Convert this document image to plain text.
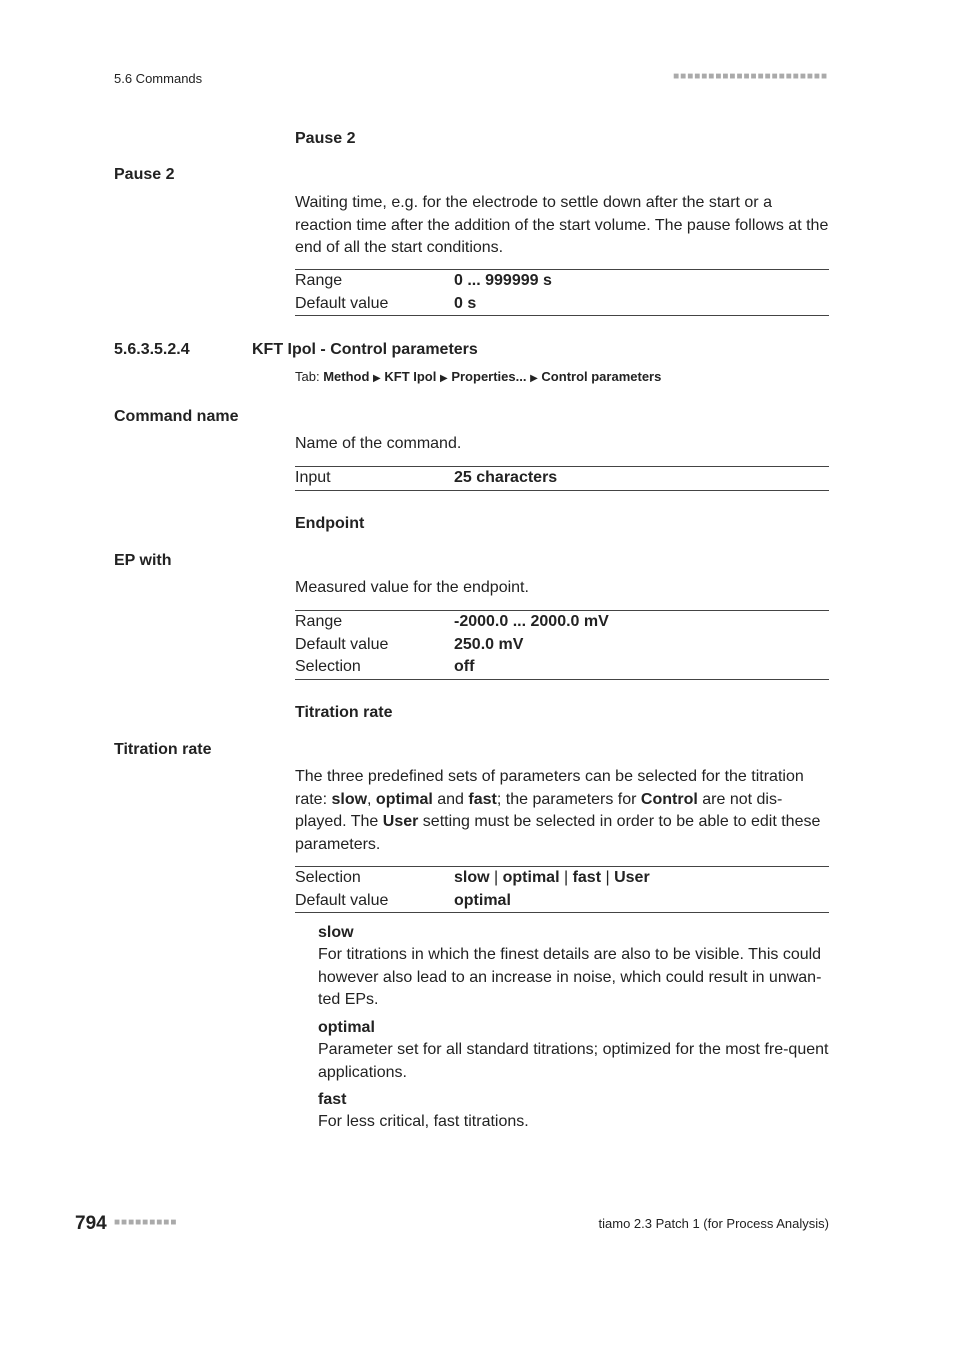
5.6 Commands	■■■■■■■■■■■■■■■■■■■■■■
Pause 2
Pause 2
Waiting time, e.g. for the electrode to settle down after the start or a reaction time after the addition of the start volume. The pause follows at the end of all the start conditions.
Range	0 ... 999999 s
Default value	0 s
5.6.3.5.2.4	KFT Ipol - Control parameters
Tab: Method ▶ KFT Ipol ▶ Properties... ▶ Control parameters
Command name
Name of the command.
Input	25 characters
Endpoint
EP with
Measured value for the endpoint.
Range	-2000.0 ... 2000.0 mV
Default value	250.0 mV
Selection	off
Titration rate
Titration rate
The three predefined sets of parameters can be selected for the titration rate: slow, optimal and fast; the parameters for Control are not dis-played. The User setting must be selected in order to be able to edit these parameters.
Selection	slow | optimal | fast | User
Default value	optimal
slow
For titrations in which the finest details are also to be visible. This could however also lead to an increase in noise, which could result in unwan-ted EPs.
optimal
Parameter set for all standard titrations; optimized for the most fre-quent applications.
fast
For less critical, fast titrations.
794 ■■■■■■■■■	tiamo 2.3 Patch 1 (for Process Analysis)
